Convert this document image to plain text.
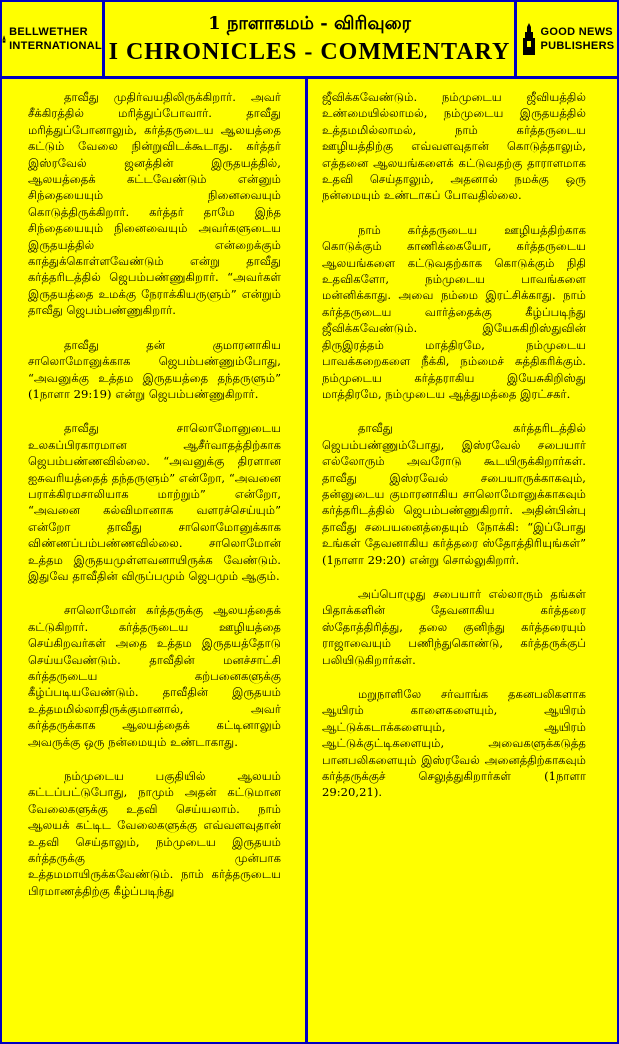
BELLWETHER
INTERNATIONAL
1 நாளாகமம் - விரிவுரை
I CHRONICLES - COMMENTARY
GOOD NEWS
PUBLISHERS

தாவீது முதிர்வயதிலிருக்கிறார். அவர் சீக்கிரத்தில் மரித்துப்போவார். தாவீது மரித்துப்போனாலும், கர்த்தருடைய ஆலயத்தை கட்டும் வேலை நின்றுவிடக்கூடாது. கர்த்தர் இஸ்ரவேல் ஜனத்தின் இருதயத்தில், ஆலயத்தைக் கட்டவேண்டும் என்னும் சிந்தையையும் நினைவையும் கொடுத்திருக்கிறார். கர்த்தர் தாமே இந்த சிந்தையையும் நினைவையும் அவர்களுடைய இருதயத்தில் என்றைக்கும் காத்துக்கொள்ளவேண்டும் என்று தாவீது கர்த்தரிடத்தில் ஜெபம்பண்ணுகிறார். “அவர்கள் இருதயத்தை உமக்கு நேராக்கியருளும்” என்றும் தாவீது ஜெபம்பண்ணுகிறார்.

தாவீது தன் குமாரனாகிய சாலொமோனுக்காக ஜெபம்பண்ணும்போது, “அவனுக்கு உத்தம இருதயத்தை தந்தருளும்” (1நாளா 29:19) என்று ஜெபம்பண்ணுகிறார்.

தாவீது சாலொமோனுடைய உலகப்பிரகாரமான ஆசீர்வாதத்திற்காக ஜெபம்பண்ணவில்லை. “அவனுக்கு திரளான ஐசுவரியத்தைத் தந்தருளும்” என்றோ, “அவனை பராக்கிரமசாலியாக மாற்றும்” என்றோ, “அவனை கல்விமானாக வளரச்செய்யும்” என்றோ தாவீது சாலொமோனுக்காக விண்ணப்பம்பண்ணவில்லை. சாலொமோன் உத்தம இருதயமுள்ளவனாயிருக்க வேண்டும். இதுவே தாவீதின் விருப்பமும் ஜெபமும் ஆகும்.

சாலொமோன் கர்த்தருக்கு ஆலயத்தைக் கட்டுகிறார். கர்த்தருடைய ஊழியத்தை செய்கிறவர்கள் அதை உத்தம இருதயத்தோடு செய்யவேண்டும். தாவீதின் மனச்சாட்சி கர்த்தருடைய கற்பனைகளுக்கு கீழ்ப்படியவேண்டும். தாவீதின் இருதயம் உத்தமமில்லாதிருக்குமானால், அவர் கர்த்தருக்காக ஆலயத்தைக் கட்டினாலும் அவருக்கு ஒரு நன்மையும் உண்டாகாது.

நம்முடைய பகுதியில் ஆலயம் கட்டப்பட்டுபோது, நாமும் அதன் கட்டுமான வேலைகளுக்கு உதவி செய்யலாம். நாம் ஆலயக் கட்டிட வேலைகளுக்கு எவ்வளவுதான் உதவி செய்தாலும், நம்முடைய இருதயம் கர்த்தருக்கு முன்பாக உத்தமமாயிருக்கவேண்டும். நாம் கர்த்தருடைய பிரமாணத்திற்கு கீழ்ப்படிந்து

ஜீவிக்கவேண்டும். நம்முடைய ஜீவியத்தில் உண்மையில்லாமல், நம்முடைய இருதயத்தில் உத்தமமில்லாமல், நாம் கர்த்தருடைய ஊழியத்திற்கு எவ்வளவுதான் கொடுத்தாலும், எத்தனை ஆலயங்களைக் கட்டுவதற்கு தாராளமாக உதவி செய்தாலும், அதனால் நமக்கு ஒரு நன்மையும் உண்டாகப் போவதில்லை.

நாம் கர்த்தருடைய ஊழியத்திற்காக கொடுக்கும் காணிக்கையோ, கர்த்தருடைய ஆலயங்களை கட்டுவதற்காக கொடுக்கும் நிதி உதவிகளோ, நம்முடைய பாவங்களை மன்னிக்காது. அவை நம்மை இரட்சிக்காது. நாம் கர்த்தருடைய வார்த்தைக்கு கீழ்ப்படிந்து ஜீவிக்கவேண்டும். இயேசுகிறிஸ்துவின் திருஇரத்தம் மாத்திரமே, நம்முடைய பாவக்கறைகளை நீக்கி, நம்மைச் சுத்திகரிக்கும். நம்முடைய கர்த்தராகிய இயேசுகிறிஸ்து மாத்திரமே, நம்முடைய ஆத்துமத்தை இரட்சகர்.

தாவீது கர்த்தரிடத்தில் ஜெபம்பண்ணும்போது, இஸ்ரவேல் சபையார் எல்லோரும் அவரோடு கூடயிருக்கிறார்கள். தாவீது இஸ்ரவேல் சபையாருக்காகவும், தன்னுடைய குமாரனாகிய சாலொமோனுக்காகவும் கர்த்தரிடத்தில் ஜெபம்பண்ணுகிறார். அதின்பின்பு தாவீது சபையனைத்தையும் நோக்கி: “இப்போது உங்கள் தேவனாகிய கர்த்தரை ஸ்தோத்திரியுங்கள்” (1நாளா 29:20) என்று சொல்லுகிறார்.

அப்பொழுது சபையார் எல்லாரும் தங்கள் பிதாக்களின் தேவனாகிய கர்த்தரை ஸ்தோத்திரித்து, தலை குனிந்து கர்த்தரையும் ராஜாவையும் பணிந்துகொண்டு, கர்த்தருக்குப் பலியிடுகிறார்கள்.

மறுநாளிலே சர்வாங்க தகனபலிகளாக ஆயிரம் காளைகளையும், ஆயிரம் ஆட்டுக்கடாக்களையும், ஆயிரம் ஆட்டுக்குட்டிகளையும், அவைகளுக்கடுத்த பானபலிகளையும் இஸ்ரவேல் அனைத்திற்காகவும் கர்த்தருக்குச் செலுத்துகிறார்கள் (1நாளா 29:20,21).
